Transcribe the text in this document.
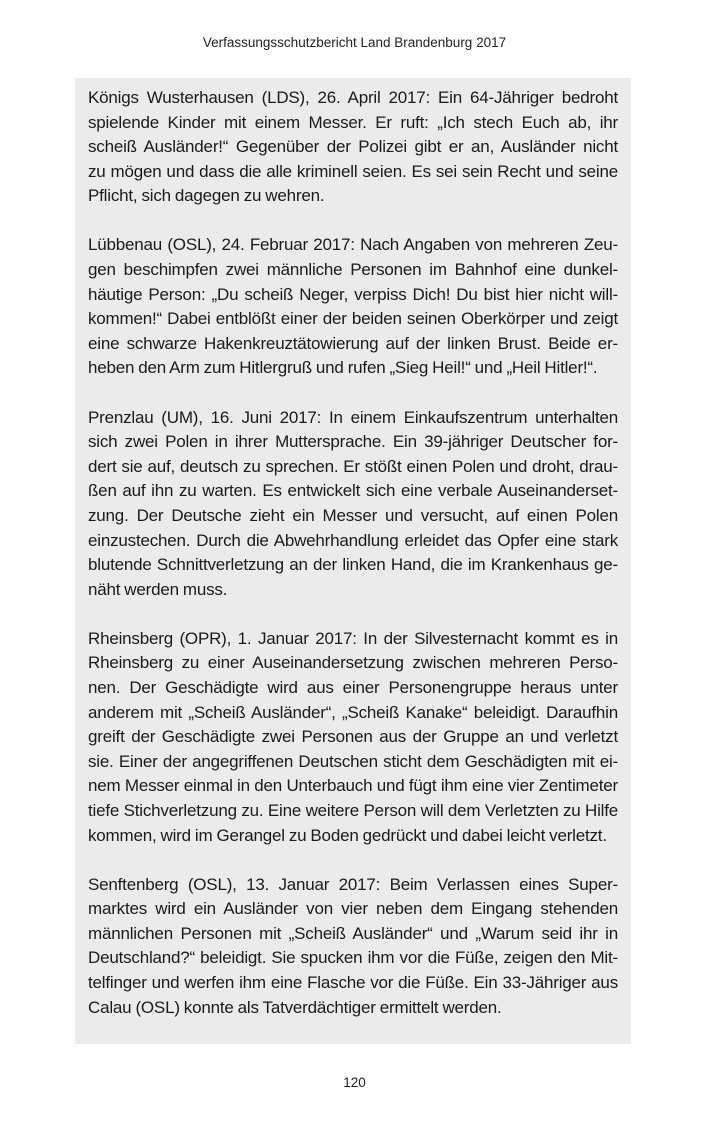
Verfassungsschutzbericht Land Brandenburg 2017

Königs Wusterhausen (LDS), 26. April 2017: Ein 64-Jähriger bedroht
spielende Kinder mit einem Messer. Er ruft: „Ich stech Euch ab, ihr
scheiß Ausländer!“ Gegenüber der Polizei gibt er an, Ausländer nicht
zu mögen und dass die alle kriminell seien. Es sei sein Recht und seine
Pflicht, sich dagegen zu wehren.

Lübbenau (OSL), 24. Februar 2017: Nach Angaben von mehreren Zeu-
gen beschimpfen zwei männliche Personen im Bahnhof eine dunkel-
häutige Person: „Du scheiß Neger, verpiss Dich! Du bist hier nicht will-
kommen!“ Dabei entblößt einer der beiden seinen Oberkörper und zeigt
eine schwarze Hakenkreuztätowierung auf der linken Brust. Beide er-
heben den Arm zum Hitlergruß und rufen „Sieg Heil!“ und „Heil Hitler!“.

Prenzlau (UM), 16. Juni 2017: In einem Einkaufszentrum unterhalten
sich zwei Polen in ihrer Muttersprache. Ein 39-jähriger Deutscher for-
dert sie auf, deutsch zu sprechen. Er stößt einen Polen und droht, drau-
ßen auf ihn zu warten. Es entwickelt sich eine verbale Auseinanderset-
zung. Der Deutsche zieht ein Messer und versucht, auf einen Polen
einzustechen. Durch die Abwehrhandlung erleidet das Opfer eine stark
blutende Schnittverletzung an der linken Hand, die im Krankenhaus ge-
näht werden muss.

Rheinsberg (OPR), 1. Januar 2017: In der Silvesternacht kommt es in
Rheinsberg zu einer Auseinandersetzung zwischen mehreren Perso-
nen. Der Geschädigte wird aus einer Personengruppe heraus unter
anderem mit „Scheiß Ausländer“, „Scheiß Kanake“ beleidigt. Daraufhin
greift der Geschädigte zwei Personen aus der Gruppe an und verletzt
sie. Einer der angegriffenen Deutschen sticht dem Geschädigten mit ei-
nem Messer einmal in den Unterbauch und fügt ihm eine vier Zentimeter
tiefe Stichverletzung zu. Eine weitere Person will dem Verletzten zu Hilfe
kommen, wird im Gerangel zu Boden gedrückt und dabei leicht verletzt.

Senftenberg (OSL), 13. Januar 2017: Beim Verlassen eines Super-
marktes wird ein Ausländer von vier neben dem Eingang stehenden
männlichen Personen mit „Scheiß Ausländer“ und „Warum seid ihr in
Deutschland?“ beleidigt. Sie spucken ihm vor die Füße, zeigen den Mit-
telfinger und werfen ihm eine Flasche vor die Füße. Ein 33-Jähriger aus
Calau (OSL) konnte als Tatverdächtiger ermittelt werden.

120
